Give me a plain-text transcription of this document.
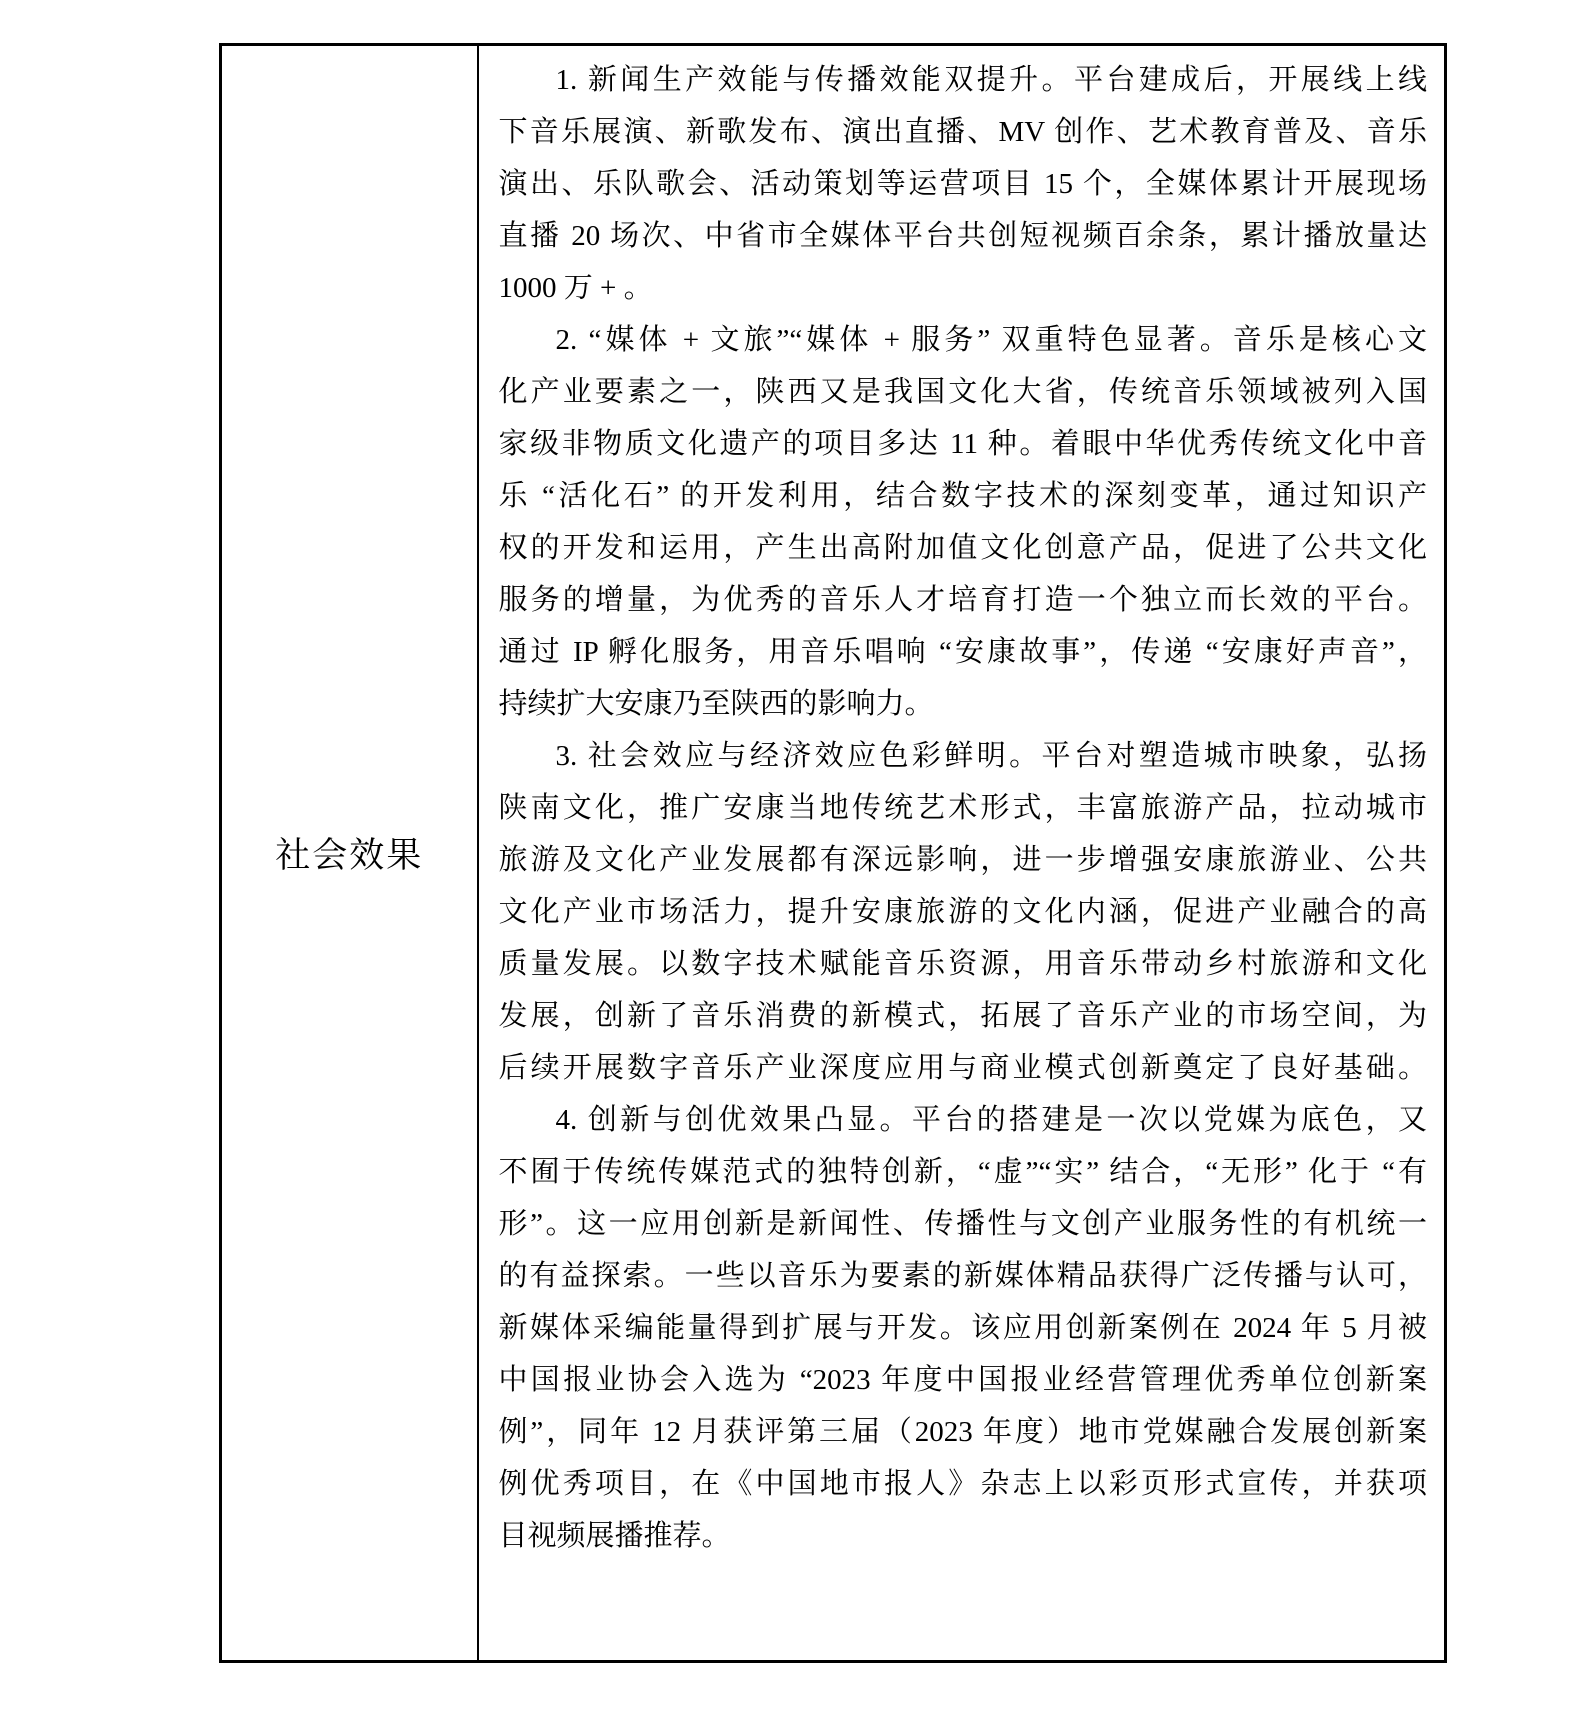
社会效果	
1. 新闻生产效能与传播效能双提升。平台建成后，开展线上线
下音乐展演、新歌发布、演出直播、MV 创作、艺术教育普及、音乐
演出、乐队歌会、活动策划等运营项目 15 个，全媒体累计开展现场
直播 20 场次、中省市全媒体平台共创短视频百余条，累计播放量达
1000 万 + 。
2. “媒体 + 文旅”“媒体 + 服务” 双重特色显著。音乐是核心文
化产业要素之一，陕西又是我国文化大省，传统音乐领域被列入国
家级非物质文化遗产的项目多达 11 种。着眼中华优秀传统文化中音
乐 “活化石” 的开发利用，结合数字技术的深刻变革，通过知识产
权的开发和运用，产生出高附加值文化创意产品，促进了公共文化
服务的增量，为优秀的音乐人才培育打造一个独立而长效的平台。
通过 IP 孵化服务，用音乐唱响 “安康故事”，传递 “安康好声音”，
持续扩大安康乃至陕西的影响力。
3. 社会效应与经济效应色彩鲜明。平台对塑造城市映象，弘扬
陕南文化，推广安康当地传统艺术形式，丰富旅游产品，拉动城市
旅游及文化产业发展都有深远影响，进一步增强安康旅游业、公共
文化产业市场活力，提升安康旅游的文化内涵，促进产业融合的高
质量发展。以数字技术赋能音乐资源，用音乐带动乡村旅游和文化
发展，创新了音乐消费的新模式，拓展了音乐产业的市场空间，为
后续开展数字音乐产业深度应用与商业模式创新奠定了良好基础。
4. 创新与创优效果凸显。平台的搭建是一次以党媒为底色，又
不囿于传统传媒范式的独特创新，“虚”“实” 结合，“无形” 化于 “有
形”。这一应用创新是新闻性、传播性与文创产业服务性的有机统一
的有益探索。一些以音乐为要素的新媒体精品获得广泛传播与认可，
新媒体采编能量得到扩展与开发。该应用创新案例在 2024 年 5 月被
中国报业协会入选为 “2023 年度中国报业经营管理优秀单位创新案
例”，同年 12 月获评第三届（2023 年度）地市党媒融合发展创新案
例优秀项目，在《中国地市报人》杂志上以彩页形式宣传，并获项
目视频展播推荐。
